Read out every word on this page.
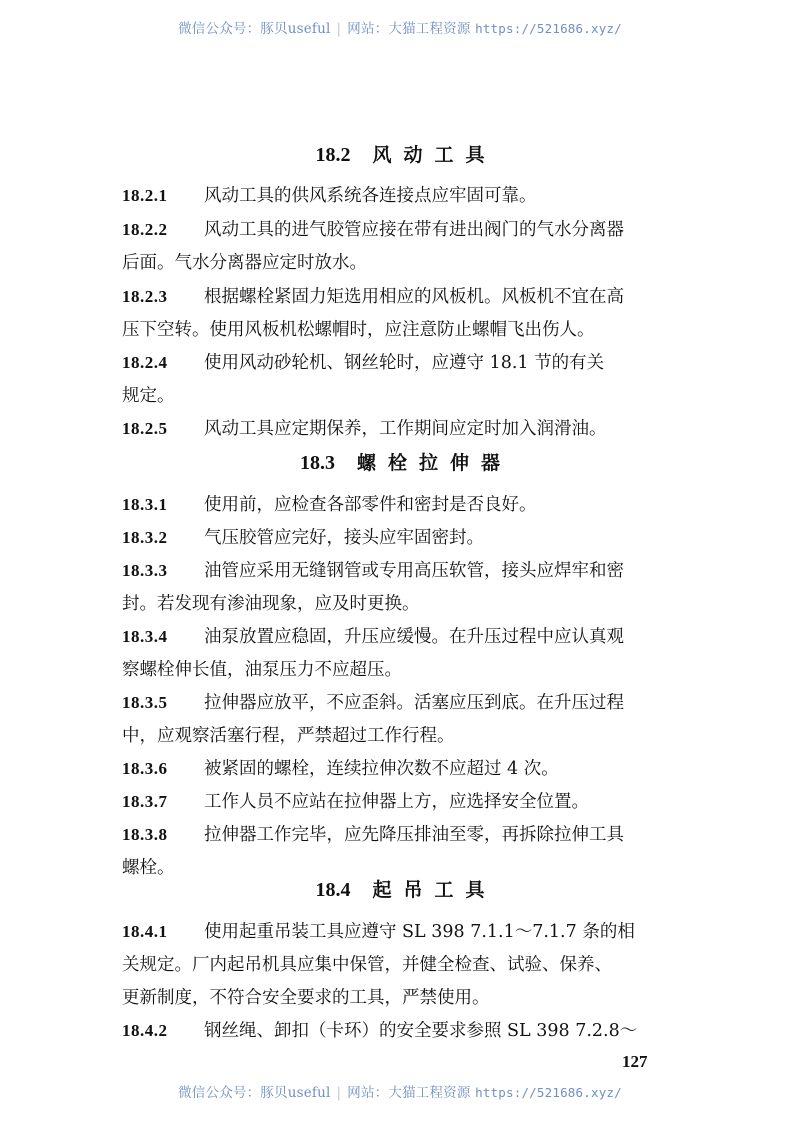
微信公众号：豚贝useful | 网站：大猫工程资源 https://521686.xyz/
18.2 风动工具
18.2.1 风动工具的供风系统各连接点应牢固可靠。
18.2.2 风动工具的进气胶管应接在带有进出阀门的气水分离器
后面。气水分离器应定时放水。
18.2.3 根据螺栓紧固力矩选用相应的风板机。风板机不宜在高
压下空转。使用风板机松螺帽时，应注意防止螺帽飞出伤人。
18.2.4 使用风动砂轮机、钢丝轮时，应遵守 18.1 节的有关
规定。
18.2.5 风动工具应定期保养，工作期间应定时加入润滑油。
18.3 螺栓拉伸器
18.3.1 使用前，应检查各部零件和密封是否良好。
18.3.2 气压胶管应完好，接头应牢固密封。
18.3.3 油管应采用无缝钢管或专用高压软管，接头应焊牢和密
封。若发现有渗油现象，应及时更换。
18.3.4 油泵放置应稳固，升压应缓慢。在升压过程中应认真观
察螺栓伸长值，油泵压力不应超压。
18.3.5 拉伸器应放平，不应歪斜。活塞应压到底。在升压过程
中，应观察活塞行程，严禁超过工作行程。
18.3.6 被紧固的螺栓，连续拉伸次数不应超过 4 次。
18.3.7 工作人员不应站在拉伸器上方，应选择安全位置。
18.3.8 拉伸器工作完毕，应先降压排油至零，再拆除拉伸工具
螺栓。
18.4 起吊工具
18.4.1 使用起重吊装工具应遵守 SL 398 7.1.1～7.1.7 条的相
关规定。厂内起吊机具应集中保管，并健全检查、试验、保养、
更新制度，不符合安全要求的工具，严禁使用。
18.4.2 钢丝绳、卸扣（卡环）的安全要求参照 SL 398 7.2.8～
127
微信公众号：豚贝useful | 网站：大猫工程资源 https://521686.xyz/
